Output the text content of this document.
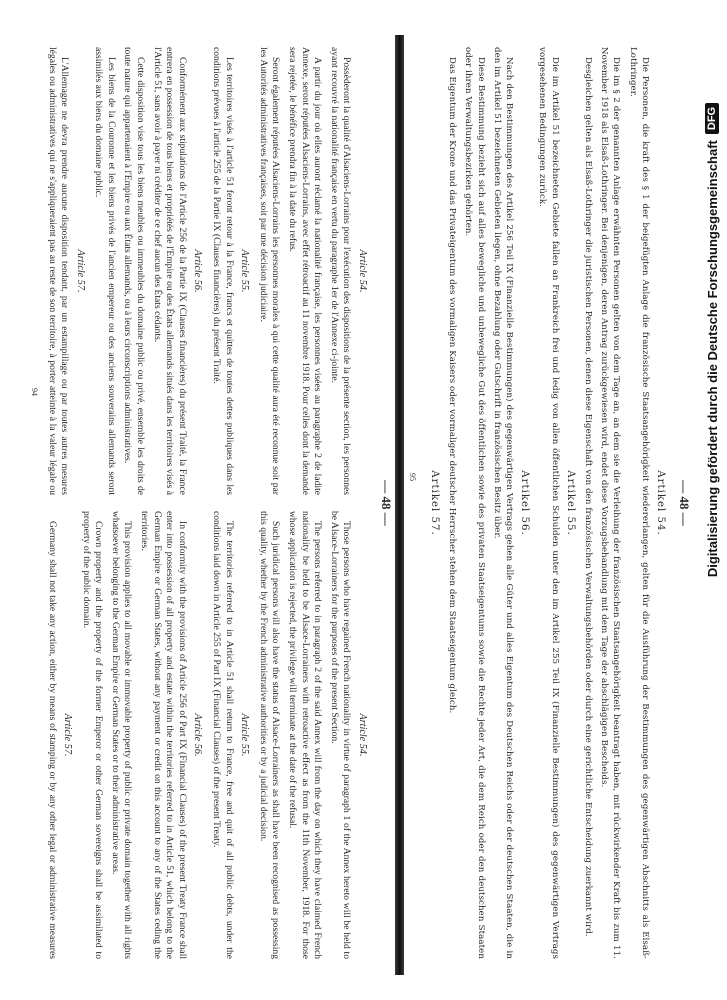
— 48 —
Article 54.

Possèderont la qualité d'Alsaciens-Lorrains pour l'exécution des dispositions de la présente section, les personnes ayant recouvré la nationalité française en vertu du paragraphe 1er de l'Annexe ci-jointe.

A partir du jour où elles auront réclamé la nationalité française, les personnes visées au paragraphe 2 de ladite Annexe, seront réputées Alsaciens-Lorrains, avec effet rétroactif au 11 novembre 1918. Pour celles dont la demande sera rejetée, le bénéfice prendra fin à la date du refus.

Seront également réputées Alsaciens-Lorrains les personnes morales à qui cette qualité aura été reconnue soit par les Autorités administratives françaises, soit par une décision judiciaire.

Article 55.

Les territoires visés à l'article 51 feront retour à la France, francs et quittes de toutes dettes publiques dans les conditions prévues à l'article 255 de la Partie IX (Clauses financières) du présent Traité.

Article 56.

Conformément aux stipulations de l'Article 256 de la Partie IX (Clauses financières) du présent Traité, la France entrera en possession de tous biens et propriétés de l'Empire ou des États allemands situés dans les territoires visés à l'Article 51, sans avoir à payer ni créditer de ce chef aucun des États cédants.

Cette disposition vise tous les biens meubles ou immeubles du domaine public ou privé, ensemble les droits de toute nature qui appartenaient à l'Empire ou aux États allemands, ou à leurs circonscriptions administratives.

Les biens de la Couronne et les biens privés de l'ancien empereur ou des anciens souverains allemands seront assimilés aux biens du domaine public.

Article 57.

L'Allemagne ne devra prendre aucune disposition tendant, par un estampillage ou par toutes autres mesures légales ou administratives qui ne s'appliqueraient pas au reste de son territoire, à porter atteinte à la valeur légale ou

Article 54.

Those persons who have regained French nationality in virtue of paragraph 1 of the Annex hereto will be held to be Alsace-Lorrainers for the purposes of the present Section.

The persons referred to in paragraph 2 of the said Annex will from the day on which they have claimed French nationality be held to be Alsace-Lorrainers with retroactive effect as from the 11th November, 1918. For those whose application is rejected, the privilege will terminate at the date of the refusal.

Such juridical persons will also have the status of Alsace-Lorrainers as shall have been recognised as possessing this quality, whether by the French administrative authorities or by a judicial decision.

Article 55.

The territories referred to in Article 51 shall return to France, free and quit of all public debts, under the conditions laid down in Article 255 of Part IX (Financial Clauses) of the present Treaty.

Article 56.

In conformity with the provisions of Article 256 of Part IX (Financial Clauses) of the present Treaty France shall enter into possession of all property and estate within the territories referred to in Article 51, which belong to the German Empire or German States, without any payment or credit on this account to any of the States ceding the territories.

This provision applies to all movable or immovable property of public or private domain together with all rights whatsoever belonging to the German Empire or German States or to their administrative areas.

Crown property and the property of the former Emperor or other German sovereigns shall be assimilated to property of the public domain.

Article 57.

Germany shall not take any action, either by means of stamping or by any other legal or administrative measures

94
— 48 —
Artikel 54.

Die Personen, die kraft des § 1 der beigefügten Anlage die französische Staatsangehörigkeit wiedererlangen, gelten für die Ausführung der Bestimmungen des gegenwärtigen Abschnitts als Elsaß-Lothringer.

Die im § 2 der genannten Anlage erwähnten Personen gelten von dem Tage an, an dem sie die Verleihung der französischen Staatsangehörigkeit beantragt haben, mit rückwirkender Kraft bis zum 11. November 1918 als Elsaß-Lothringer. Bei denjenigen, deren Antrag zurückgewiesen wird, endet diese Vorzugsbehandlung mit dem Tage der abschlägigen Bescheids.

Desgleichen gelten als Elsaß-Lothringer die juristischen Personen, denen diese Eigenschaft von den französischen Verwaltungsbehörden oder durch eine gerichtliche Entscheidung zuerkannt wird.

Artikel 55.

Die im Artikel 51 bezeichneten Gebiete fallen an Frankreich frei und ledig von allen öffentlichen Schulden unter den im Artikel 255 Teil IX (Finanzielle Bestimmungen) des gegenwärtigen Vertrags vorgesehenen Bedingungen zurück.

Artikel 56.

Nach den Bestimmungen des Artikel 256 Teil IX (Finanzielle Bestimmungen) des gegenwärtigen Vertrags gehen alle Güter und alles Eigentum des Deutschen Reichs oder der deutschen Staaten, die in den im Artikel 51 bezeichneten Gebieten liegen, ohne Bezahlung oder Gutschrift in französischen Besitz über.

Diese Bestimmung bezieht sich auf alles bewegliche und unbewegliche Gut des öffentlichen sowie des privaten Staatseigentums sowie die Rechte jeder Art, die dem Reich oder den deutschen Staaten oder ihren Verwaltungsbezirken gehörten.

Das Eigentum der Krone und das Privateigentum des vormaligen Kaisers oder vormaliger deutscher Herrscher stehen dem Staatseigentum gleich.

Artikel 57.

95	Digitalisierung gefördert durch die Deutsche Forschungsgemeinschaft
DFG
